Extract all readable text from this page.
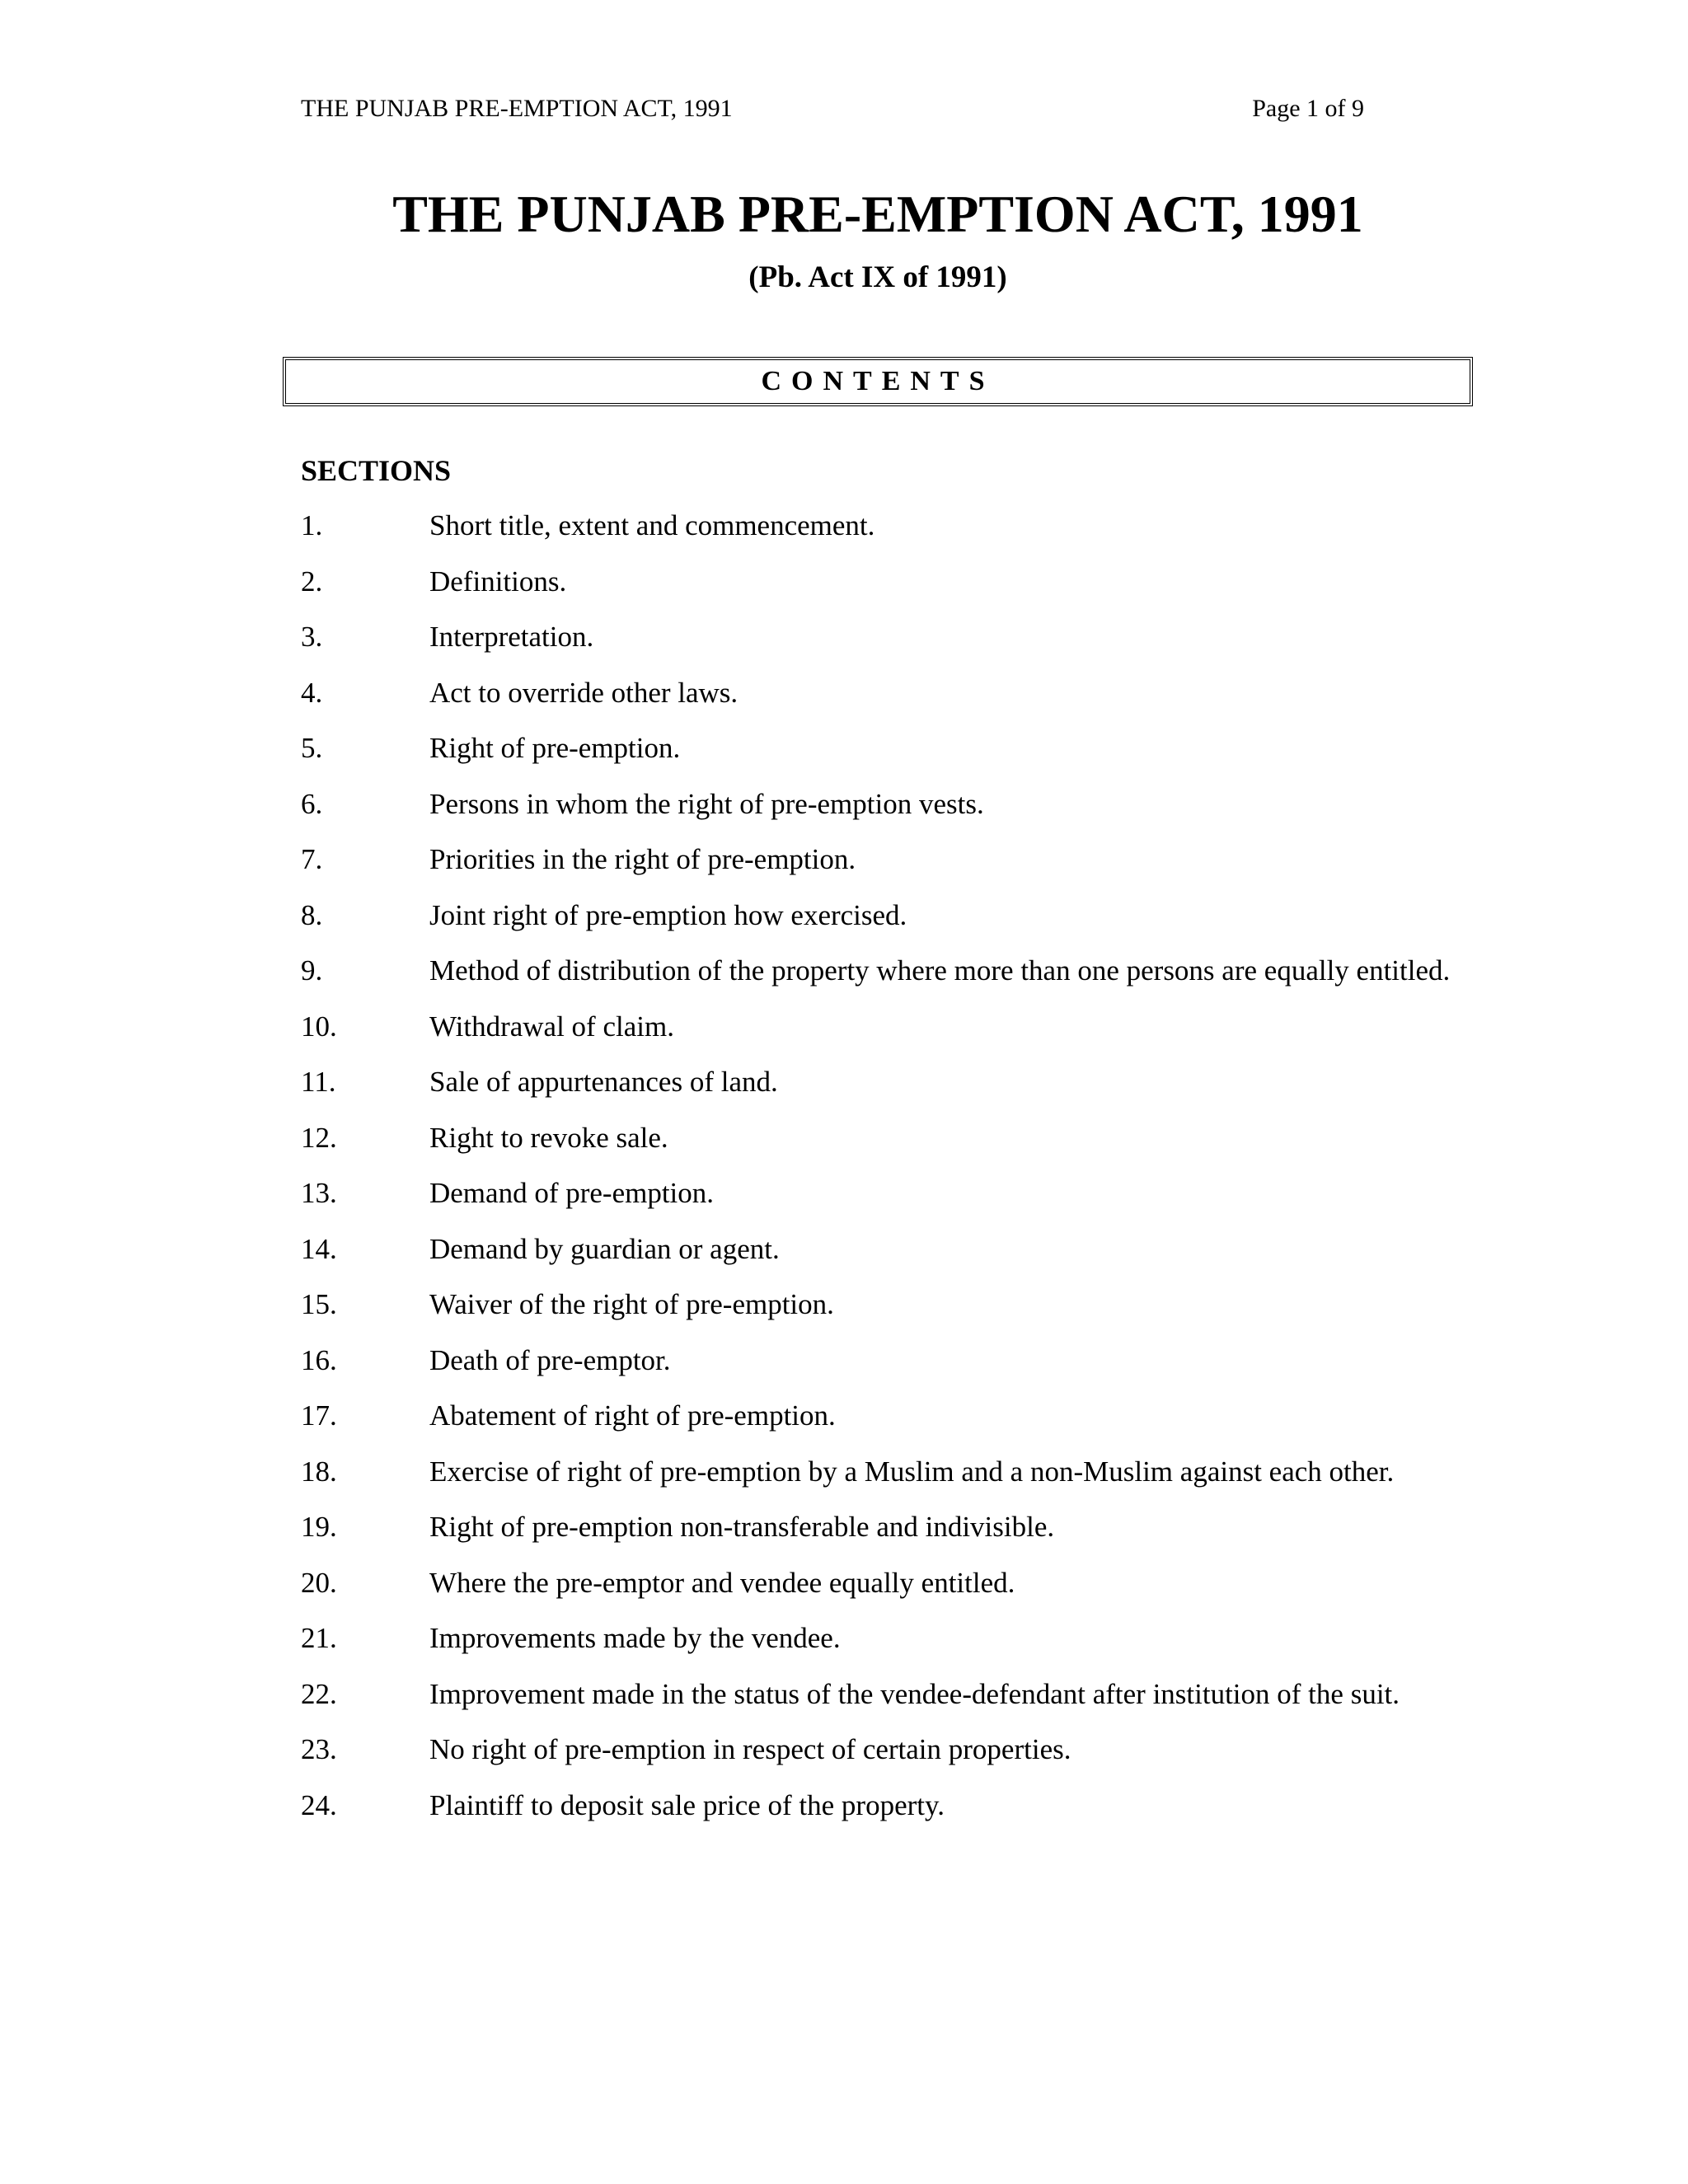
THE PUNJAB PRE-EMPTION ACT, 1991	Page 1 of 9
THE PUNJAB PRE-EMPTION ACT, 1991
(Pb. Act IX of 1991)
CONTENTS
SECTIONS
1.	Short title, extent and commencement.
2.	Definitions.
3.	Interpretation.
4.	Act to override other laws.
5.	Right of pre-emption.
6.	Persons in whom the right of pre-emption vests.
7.	Priorities in the right of pre-emption.
8.	Joint right of pre-emption how exercised.
9.	Method of distribution of the property where more than one persons are equally entitled.
10.	Withdrawal of claim.
11.	Sale of appurtenances of land.
12.	Right to revoke sale.
13.	Demand of pre-emption.
14.	Demand by guardian or agent.
15.	Waiver of the right of pre-emption.
16.	Death of pre-emptor.
17.	Abatement of right of pre-emption.
18.	Exercise of right of pre-emption by a Muslim and a non-Muslim against each other.
19.	Right of pre-emption non-transferable and indivisible.
20.	Where the pre-emptor and vendee equally entitled.
21.	Improvements made by the vendee.
22.	Improvement made in the status of the vendee-defendant after institution of the suit.
23.	No right of pre-emption in respect of certain properties.
24.	Plaintiff to deposit sale price of the property.
